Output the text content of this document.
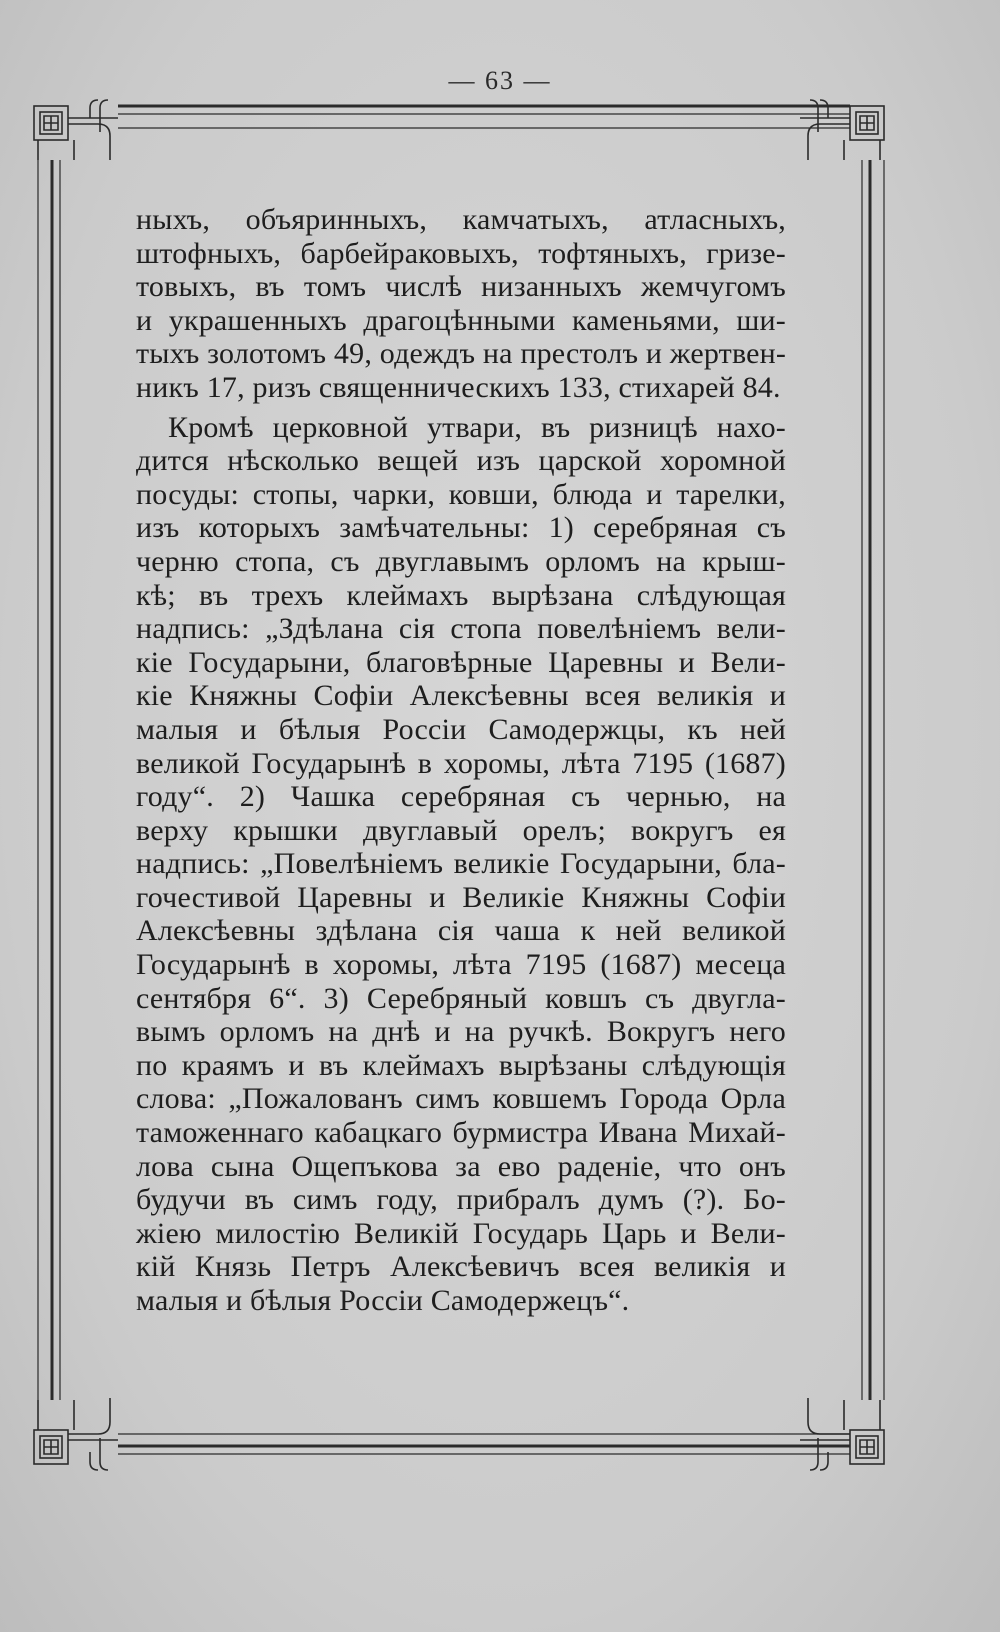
— 63 —
ныхъ, объяринныхъ, камчатыхъ, атласныхъ,
штофныхъ, барбейраковыхъ, тофтяныхъ, гризе-
товыхъ, въ томъ числѣ низанныхъ жемчугомъ
и украшенныхъ драгоцѣнными каменьями, ши-
тыхъ золотомъ 49, одеждъ на престолъ и жертвен-
никъ 17, ризъ священническихъ 133, стихарей 84.
Кромѣ церковной утвари, въ ризницѣ нахо-
дится нѣсколько вещей изъ царской хоромной
посуды: стопы, чарки, ковши, блюда и тарелки,
изъ которыхъ замѣчательны: 1) серебряная съ
черню стопа, съ двуглавымъ орломъ на крыш-
кѣ; въ трехъ клеймахъ вырѣзана слѣдующая
надпись: „Здѣлана сія стопа повелѣніемъ вели-
кіе Государыни, благовѣрные Царевны и Вели-
кіе Княжны Софіи Алексѣевны всея великія и
малыя и бѣлыя Россіи Самодержцы, къ ней
великой Государынѣ в хоромы, лѣта 7195 (1687)
году“. 2) Чашка серебряная съ чернью, на
верху крышки двуглавый орелъ; вокругъ ея
надпись: „Повелѣніемъ великіе Государыни, бла-
гочестивой Царевны и Великіе Княжны Софіи
Алексѣевны здѣлана сія чаша к ней великой
Государынѣ в хоромы, лѣта 7195 (1687) месеца
сентября 6“. 3) Серебряный ковшъ съ двугла-
вымъ орломъ на днѣ и на ручкѣ. Вокругъ него
по краямъ и въ клеймахъ вырѣзаны слѣдующія
слова: „Пожалованъ симъ ковшемъ Города Орла
таможеннаго кабацкаго бурмистра Ивана Михай-
лова сына Ощепъкова за ево раденіе, что онъ
будучи въ симъ году, прибралъ думъ (?). Бо-
жіею милостію Великій Государь Царь и Вели-
кій Князь Петръ Алексѣевичъ всея великія и
малыя и бѣлыя Россіи Самодержецъ“.
